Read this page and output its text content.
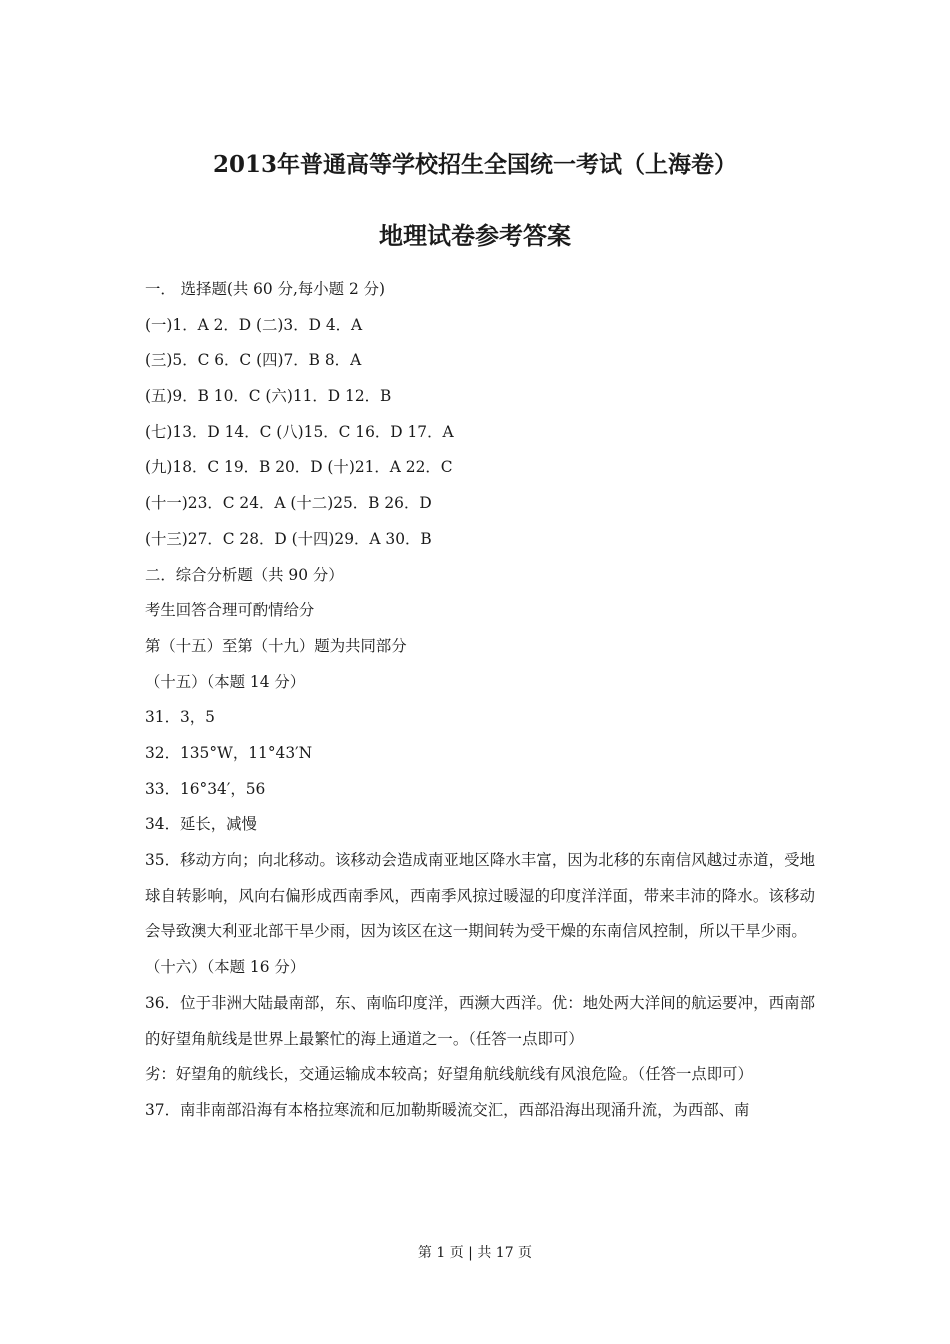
2013年普通高等学校招生全国统一考试（上海卷）
地理试卷参考答案
一． 选择题(共 60 分,每小题 2 分)
(一)1．A 2．D (二)3．D 4．A
(三)5．C 6．C (四)7．B 8．A
(五)9．B 10．C (六)11．D 12．B
(七)13．D 14．C (八)15．C 16．D 17．A
(九)18．C 19．B 20．D (十)21．A 22．C
(十一)23．C 24．A (十二)25．B 26．D
(十三)27．C 28．D (十四)29．A 30．B
二．综合分析题（共 90 分）
考生回答合理可酌情给分
第（十五）至第（十九）题为共同部分
（十五）（本题 14 分）
31．3，5
32．135°W，11°43′N
33．16°34′，56
34．延长，减慢
35．移动方向；向北移动。该移动会造成南亚地区降水丰富，因为北移的东南信风越过赤道，受地球自转影响，风向右偏形成西南季风，西南季风掠过暖湿的印度洋洋面，带来丰沛的降水。该移动会导致澳大利亚北部干旱少雨，因为该区在这一期间转为受干燥的东南信风控制，所以干旱少雨。
（十六）（本题 16 分）
36．位于非洲大陆最南部，东、南临印度洋，西濒大西洋。优：地处两大洋间的航运要冲，西南部的好望角航线是世界上最繁忙的海上通道之一。（任答一点即可）
劣：好望角的航线长，交通运输成本较高；好望角航线航线有风浪危险。（任答一点即可）
37．南非南部沿海有本格拉寒流和厄加勒斯暖流交汇，西部沿海出现涌升流，为西部、南
第 1 页 | 共 17 页
